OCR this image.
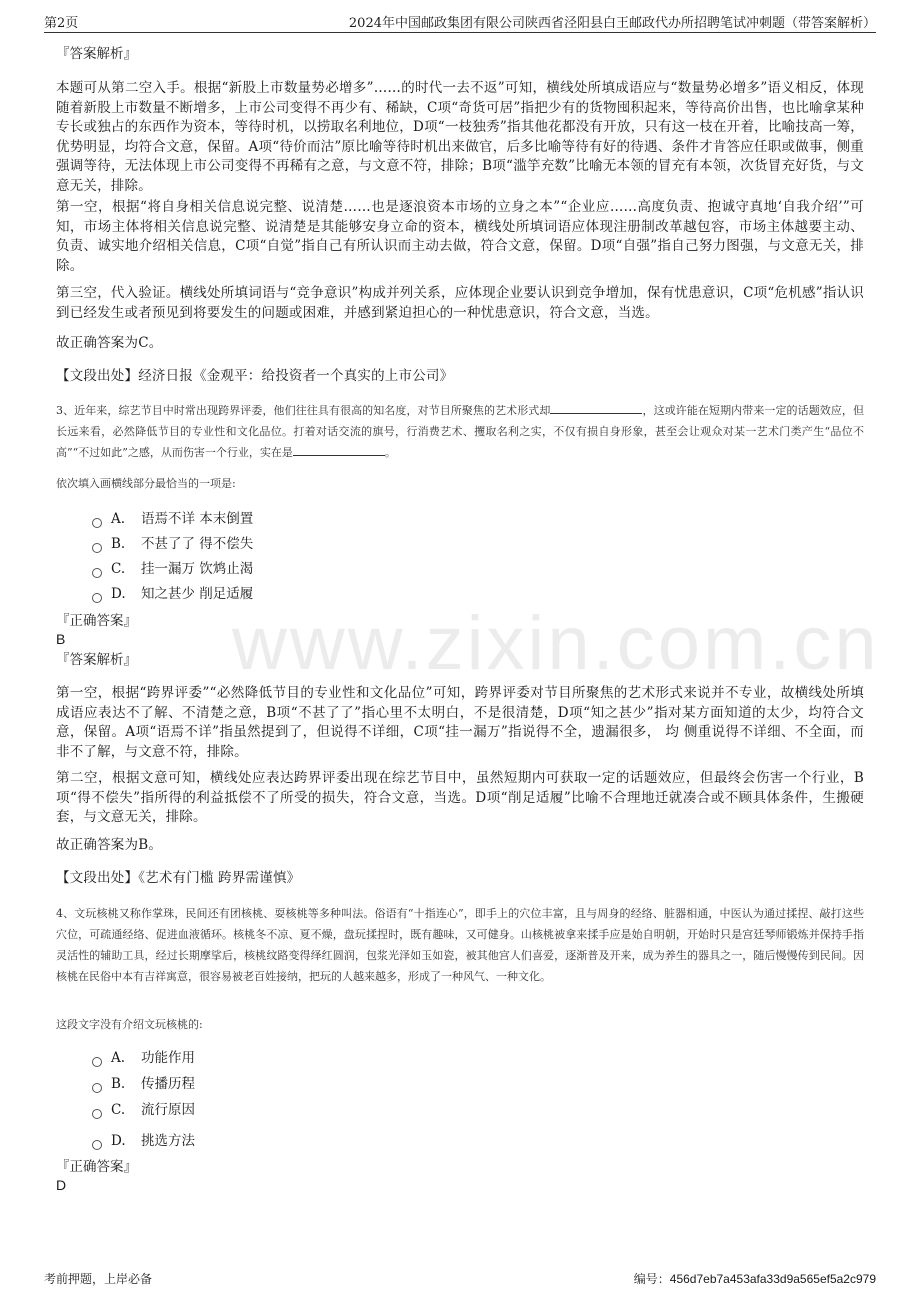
第2页	2024年中国邮政集团有限公司陕西省泾阳县白王邮政代办所招聘笔试冲刺题（带答案解析）
www.zixin.com.cn
『答案解析』
本题可从第二空入手。根据“新股上市数量势必增多”……的时代一去不返”可知，横线处所填成语应与“数量势必增多”语义相反，体现随着新股上市数量不断增多，上市公司变得不再少有、稀缺，C项“奇货可居”指把少有的货物囤积起来，等待高价出售，也比喻拿某种专长或独占的东西作为资本，等待时机，以捞取名利地位，D项“一枝独秀”指其他花都没有开放，只有这一枝在开着，比喻技高一筹，优势明显，均符合文意，保留。A项“待价而沽”原比喻等待时机出来做官，后多比喻等待有好的待遇、条件才肯答应任职或做事，侧重强调等待，无法体现上市公司变得不再稀有之意，与文意不符，排除；B项“滥竽充数”比喻无本领的冒充有本领，次货冒充好货，与文意无关，排除。
第一空，根据“将自身相关信息说完整、说清楚……也是逐浪资本市场的立身之本”“企业应……高度负责、抱诚守真地‘自我介绍’”可知，市场主体将相关信息说完整、说清楚是其能够安身立命的资本，横线处所填词语应体现注册制改革越包容，市场主体越要主动、负责、诚实地介绍相关信息，C项“自觉”指自己有所认识而主动去做，符合文意，保留。D项“自强”指自己努力图强，与文意无关，排除。
第三空，代入验证。横线处所填词语与“竞争意识”构成并列关系，应体现企业要认识到竞争增加，保有忧患意识，C项“危机感”指认识到已经发生或者预见到将要发生的问题或困难，并感到紧迫担心的一种忧患意识，符合文意，当选。
故正确答案为C。
【文段出处】经济日报《金观平：给投资者一个真实的上市公司》
3、近年来，综艺节目中时常出现跨界评委，他们往往具有很高的知名度，对节目所聚焦的艺术形式却	，这或许能在短期内带来一定的话题效应，但长远来看，必然降低节目的专业性和文化品位。打着对话交流的旗号，行消费艺术、攫取名利之实，不仅有损自身形象，甚至会让观众对某一艺术门类产生“品位不高”“不过如此”之感，从而伤害一个行业，实在是	。
依次填入画横线部分最恰当的一项是:
A. 语焉不详 本末倒置
B. 不甚了了 得不偿失
C. 挂一漏万 饮鸩止渴
D. 知之甚少 削足适履
『正确答案』
B
『答案解析』
第一空，根据“跨界评委”“必然降低节目的专业性和文化品位”可知，跨界评委对节目所聚焦的艺术形式来说并不专业，故横线处所填成语应表达不了解、不清楚之意，B项“不甚了了”指心里不太明白，不是很清楚，D项“知之甚少”指对某方面知道的太少，均符合文意，保留。A项“语焉不详”指虽然提到了，但说得不详细，C项“挂一漏万”指说得不全，遗漏很多， 均 侧重说得不详细、不全面，而非不了解，与文意不符，排除。
第二空，根据文意可知，横线处应表达跨界评委出现在综艺节目中，虽然短期内可获取一定的话题效应，但最终会伤害一个行业，B项“得不偿失”指所得的利益抵偿不了所受的损失，符合文意，当选。D项“削足适履”比喻不合理地迁就凑合或不顾具体条件，生搬硬套，与文意无关，排除。
故正确答案为B。
【文段出处】《艺术有门槛 跨界需谨慎》
4、文玩核桃又称作掌珠，民间还有团核桃、耍核桃等多种叫法。俗语有“十指连心”，即手上的穴位丰富，且与周身的经络、脏器相通，中医认为通过揉捏、敲打这些穴位，可疏通经络、促进血液循环。核桃冬不凉、夏不燥，盘玩揉捏时，既有趣味，又可健身。山核桃被拿来揉手应是始自明朝，开始时只是宫廷琴师锻炼并保持手指灵活性的辅助工具，经过长期摩挲后，核桃纹路变得绎红圆润，包浆光泽如玉如瓷，被其他宫人们喜爱，逐渐普及开来，成为养生的器具之一，随后慢慢传到民间。因核桃在民俗中本有吉祥寓意，很容易被老百姓接纳，把玩的人越来越多，形成了一种风气、一种文化。
这段文字没有介绍文玩核桃的:
A. 功能作用
B. 传播历程
C. 流行原因
D. 挑选方法
『正确答案』
D
考前押题，上岸必备	编号：456d7eb7a453afa33d9a565ef5a2c979
